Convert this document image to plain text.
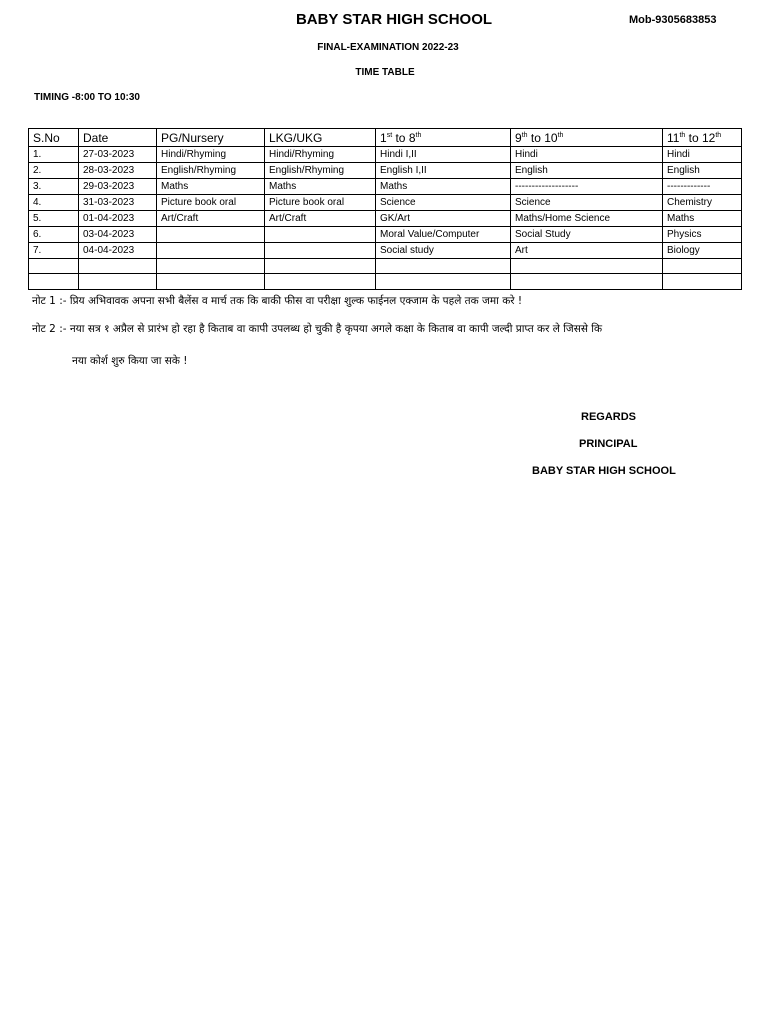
BABY STAR HIGH SCHOOL	Mob-9305683853
FINAL-EXAMINATION 2022-23
TIME TABLE
TIMING -8:00 TO 10:30
S.No	Date	PG/Nursery	LKG/UKG	1st to 8th	9th to 10th	11th to 12th
1.	27-03-2023	Hindi/Rhyming	Hindi/Rhyming	Hindi I,II	Hindi	Hindi
2.	28-03-2023	English/Rhyming	English/Rhyming	English I,II	English	English
3.	29-03-2023	Maths	Maths	Maths	-------------------	-------------
4.	31-03-2023	Picture book oral	Picture book oral	Science	Science	Chemistry
5.	01-04-2023	Art/Craft	Art/Craft	GK/Art	Maths/Home Science	Maths
6.	03-04-2023			Moral Value/Computer	Social Study	Physics
7.	04-04-2023			Social study	Art	Biology

नोट 1 :- प्रिय अभिवावक अपना सभी बैलेंस व मार्च तक कि बाकी फीस वा परीक्षा शुल्क फाईनल एक्जाम के पहले तक जमा करे !
नोट 2 :- नया सत्र १ अप्रैल से प्रारंभ हो रहा है किताब वा कापी उपलब्ध हो चुकी है कृपया अगले कक्षा के किताब वा कापी जल्दी प्राप्त कर ले जिससे कि
नया कोर्श शुरु किया जा सके !
REGARDS
PRINCIPAL
BABY STAR HIGH SCHOOL
